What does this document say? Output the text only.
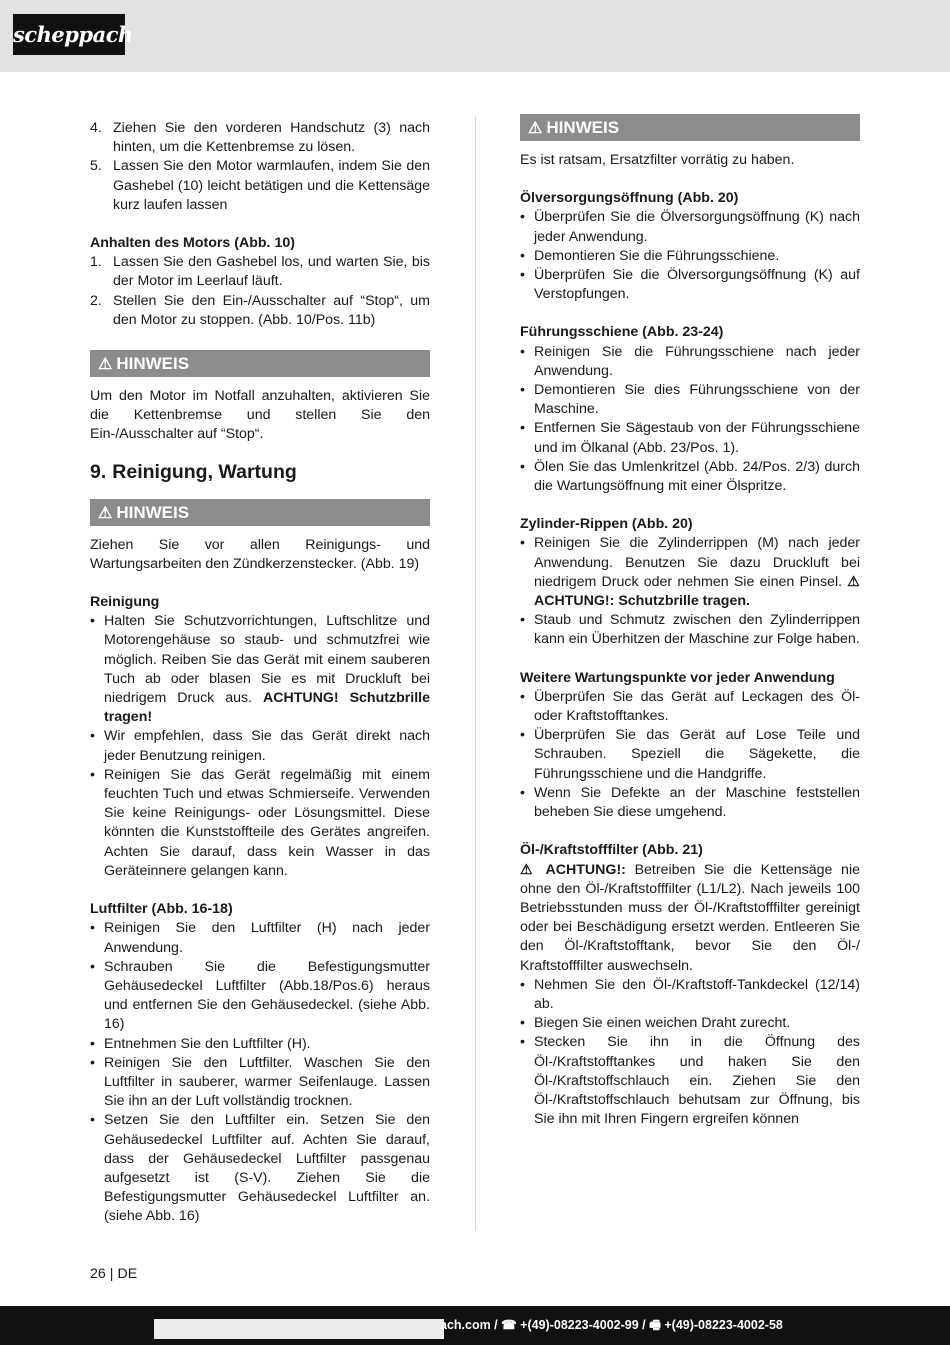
scheppach
4. Ziehen Sie den vorderen Handschutz (3) nach hinten, um die Kettenbremse zu lösen.
5. Lassen Sie den Motor warmlaufen, indem Sie den Gashebel (10) leicht betätigen und die Kettensäge kurz laufen lassen
Anhalten des Motors (Abb. 10)
1. Lassen Sie den Gashebel los, und warten Sie, bis der Motor im Leerlauf läuft.
2. Stellen Sie den Ein-/Ausschalter auf “Stop“, um den Motor zu stoppen. (Abb. 10/Pos. 11b)
⚠ HINWEIS

Um den Motor im Notfall anzuhalten, aktivieren Sie die Kettenbremse und stellen Sie den Ein-/Ausschalter auf “Stop“.

9. Reinigung, Wartung
⚠ HINWEIS

Ziehen Sie vor allen Reinigungs- und Wartungsarbeiten den Zündkerzenstecker. (Abb. 19)

Reinigung
• Halten Sie Schutzvorrichtungen, Luftschlitze und Motorengehäuse so staub- und schmutzfrei wie möglich. Reiben Sie das Gerät mit einem sauberen Tuch ab oder blasen Sie es mit Druckluft bei niedrigem Druck aus. ACHTUNG! Schutzbrille tragen!
• Wir empfehlen, dass Sie das Gerät direkt nach jeder Benutzung reinigen.
• Reinigen Sie das Gerät regelmäßig mit einem feuchten Tuch und etwas Schmierseife. Verwenden Sie keine Reinigungs- oder Lösungsmittel. Diese könnten die Kunststoffteile des Gerätes angreifen. Achten Sie darauf, dass kein Wasser in das Geräteinnere gelangen kann.
Luftfilter (Abb. 16-18)
• Reinigen Sie den Luftfilter (H) nach jeder Anwendung.
• Schrauben Sie die Befestigungsmutter Gehäusedeckel Luftfilter (Abb.18/Pos.6) heraus und entfernen Sie den Gehäusedeckel. (siehe Abb. 16)
• Entnehmen Sie den Luftfilter (H).
• Reinigen Sie den Luftfilter. Waschen Sie den Luftfilter in sauberer, warmer Seifenlauge. Lassen Sie ihn an der Luft vollständig trocknen.
• Setzen Sie den Luftfilter ein. Setzen Sie den Gehäusedeckel Luftfilter auf. Achten Sie darauf, dass der Gehäusedeckel Luftfilter passgenau aufgesetzt ist (S-V). Ziehen Sie die Befestigungsmutter Gehäusedeckel Luftfilter an. (siehe Abb. 16)
⚠ HINWEIS

Es ist ratsam, Ersatzfilter vorrätig zu haben.

Ölversorgungsöffnung (Abb. 20)
• Überprüfen Sie die Ölversorgungsöffnung (K) nach jeder Anwendung.
• Demontieren Sie die Führungsschiene.
• Überprüfen Sie die Ölversorgungsöffnung (K) auf Verstopfungen.
Führungsschiene (Abb. 23-24)
• Reinigen Sie die Führungsschiene nach jeder Anwendung.
• Demontieren Sie dies Führungsschiene von der Maschine.
• Entfernen Sie Sägestaub von der Führungsschiene und im Ölkanal (Abb. 23/Pos. 1).
• Ölen Sie das Umlenkritzel (Abb. 24/Pos. 2/3) durch die Wartungsöffnung mit einer Ölspritze.
Zylinder-Rippen (Abb. 20)
• Reinigen Sie die Zylinderrippen (M) nach jeder Anwendung. Benutzen Sie dazu Druckluft bei niedrigem Druck oder nehmen Sie einen Pinsel. ⚠ ACHTUNG!: Schutzbrille tragen.
• Staub und Schmutz zwischen den Zylinderrippen kann ein Überhitzen der Maschine zur Folge haben.
Weitere Wartungspunkte vor jeder Anwendung
• Überprüfen Sie das Gerät auf Leckagen des Öl- oder Kraftstofftankes.
• Überprüfen Sie das Gerät auf Lose Teile und Schrauben. Speziell die Sägekette, die Führungsschiene und die Handgriffe.
• Wenn Sie Defekte an der Maschine feststellen beheben Sie diese umgehend.
Öl-/Kraftstofffilter (Abb. 21)

⚠ ACHTUNG!: Betreiben Sie die Kettensäge nie ohne den Öl-/Kraftstofffilter (L1/L2). Nach jeweils 100 Betriebsstunden muss der Öl-/Kraftstofffilter gereinigt oder bei Beschädigung ersetzt werden. Entleeren Sie den Öl-/Kraftstofftank, bevor Sie den Öl-/ Kraftstofffilter auswechseln.

• Nehmen Sie den Öl-/Kraftstoff-Tankdeckel (12/14) ab.
• Biegen Sie einen weichen Draht zurecht.
• Stecken Sie ihn in die Öffnung des Öl-/Kraftstofftankes und haken Sie den Öl-/Kraftstoffschlauch ein. Ziehen Sie den Öl-/Kraftstoffschlauch behutsam zur Öffnung, bis Sie ihn mit Ihren Fingern ergreifen können
26 | DE
ach.com / ☎ +(49)-08223-4002-99 / 🖷 +(49)-08223-4002-58
